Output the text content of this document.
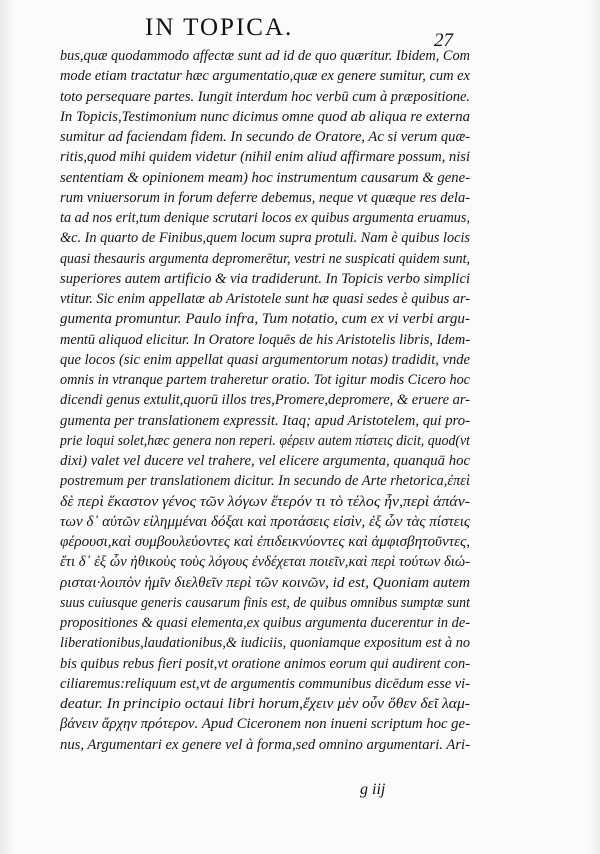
IN TOPICA.	27
bus,quæ quodammodo affectæ sunt ad id de quo quæritur. Ibidem, Com
mode etiam tractatur hæc argumentatio,quæ ex genere sumitur, cum ex
toto persequare partes. Iungit interdum hoc verbū cum à præpositione.
In Topicis,Testimonium nunc dicimus omne quod ab aliqua re externa
sumitur ad faciendam fidem. In secundo de Oratore, Ac si verum quæ-
ritis,quod mihi quidem videtur (nihil enim aliud affirmare possum, nisi
sententiam & opinionem meam) hoc instrumentum causarum & gene-
rum vniuersorum in forum deferre debemus, neque vt quæque res dela-
ta ad nos erit,tum denique scrutari locos ex quibus argumenta eruamus,
&c. In quarto de Finibus,quem locum supra protuli. Nam è quibus locis
quasi thesauris argumenta depromerētur, vestri ne suspicati quidem sunt,
superiores autem artificio & via tradiderunt. In Topicis verbo simplici
vtitur. Sic enim appellatæ ab Aristotele sunt hæ quasi sedes è quibus ar-
gumenta promuntur. Paulo infra, Tum notatio, cum ex vi verbi argu-
mentū aliquod elicitur. In Oratore loquēs de his Aristotelis libris, Idem-
que locos (sic enim appellat quasi argumentorum notas) tradidit, vnde
omnis in vtranque partem traheretur oratio. Tot igitur modis Cicero hoc
dicendi genus extulit,quorū illos tres,Promere,depromere, & eruere ar-
gumenta per translationem expressit. Itaq; apud Aristotelem, qui pro-
prie loqui solet,hæc genera non reperi. φέρειν autem πίστεις dicit, quod(vt
dixi) valet vel ducere vel trahere, vel elicere argumenta, quanquā hoc
postremum per translationem dicitur. In secundo de Arte rhetorica,ἐπεὶ
δὲ περὶ ἕκαστον γένος τῶν λόγων ἕτερόν τι τὸ τέλος ἦν,περὶ ἁπάν-
των δ᾽ αὐτῶν εἰλημμέναι δόξαι καὶ προτάσεις εἰσὶν, ἐξ ὧν τὰς πίστεις
φέρουσι,καὶ συμβουλεύοντες καὶ ἐπιδεικνύοντες καὶ ἀμφισβητοῦντες,
ἔτι δ᾽ ἐξ ὧν ἠθικοὺς τοὺς λόγους ἐνδέχεται ποιεῖν,καὶ περὶ τούτων διώ-
ρισται·λοιπὸν ἡμῖν διελθεῖν περὶ τῶν κοινῶν, id est, Quoniam autem
suus cuiusque generis causarum finis est, de quibus omnibus sumptæ sunt
propositiones & quasi elementa,ex quibus argumenta ducerentur in de-
liberationibus,laudationibus,& iudiciis, quoniamque expositum est à no
bis quibus rebus fieri posit,vt oratione animos eorum qui audirent con-
ciliaremus:reliquum est,vt de argumentis communibus dicēdum esse vi-
deatur. In principio octaui libri horum,ἔχειν μὲν οὖν ὅθεν δεῖ λαμ-
βάνειν ἄρχην πρότερον. Apud Ciceronem non inueni scriptum hoc ge-
nus, Argumentari ex genere vel à forma,sed omnino argumentari. Ari-
g iij
